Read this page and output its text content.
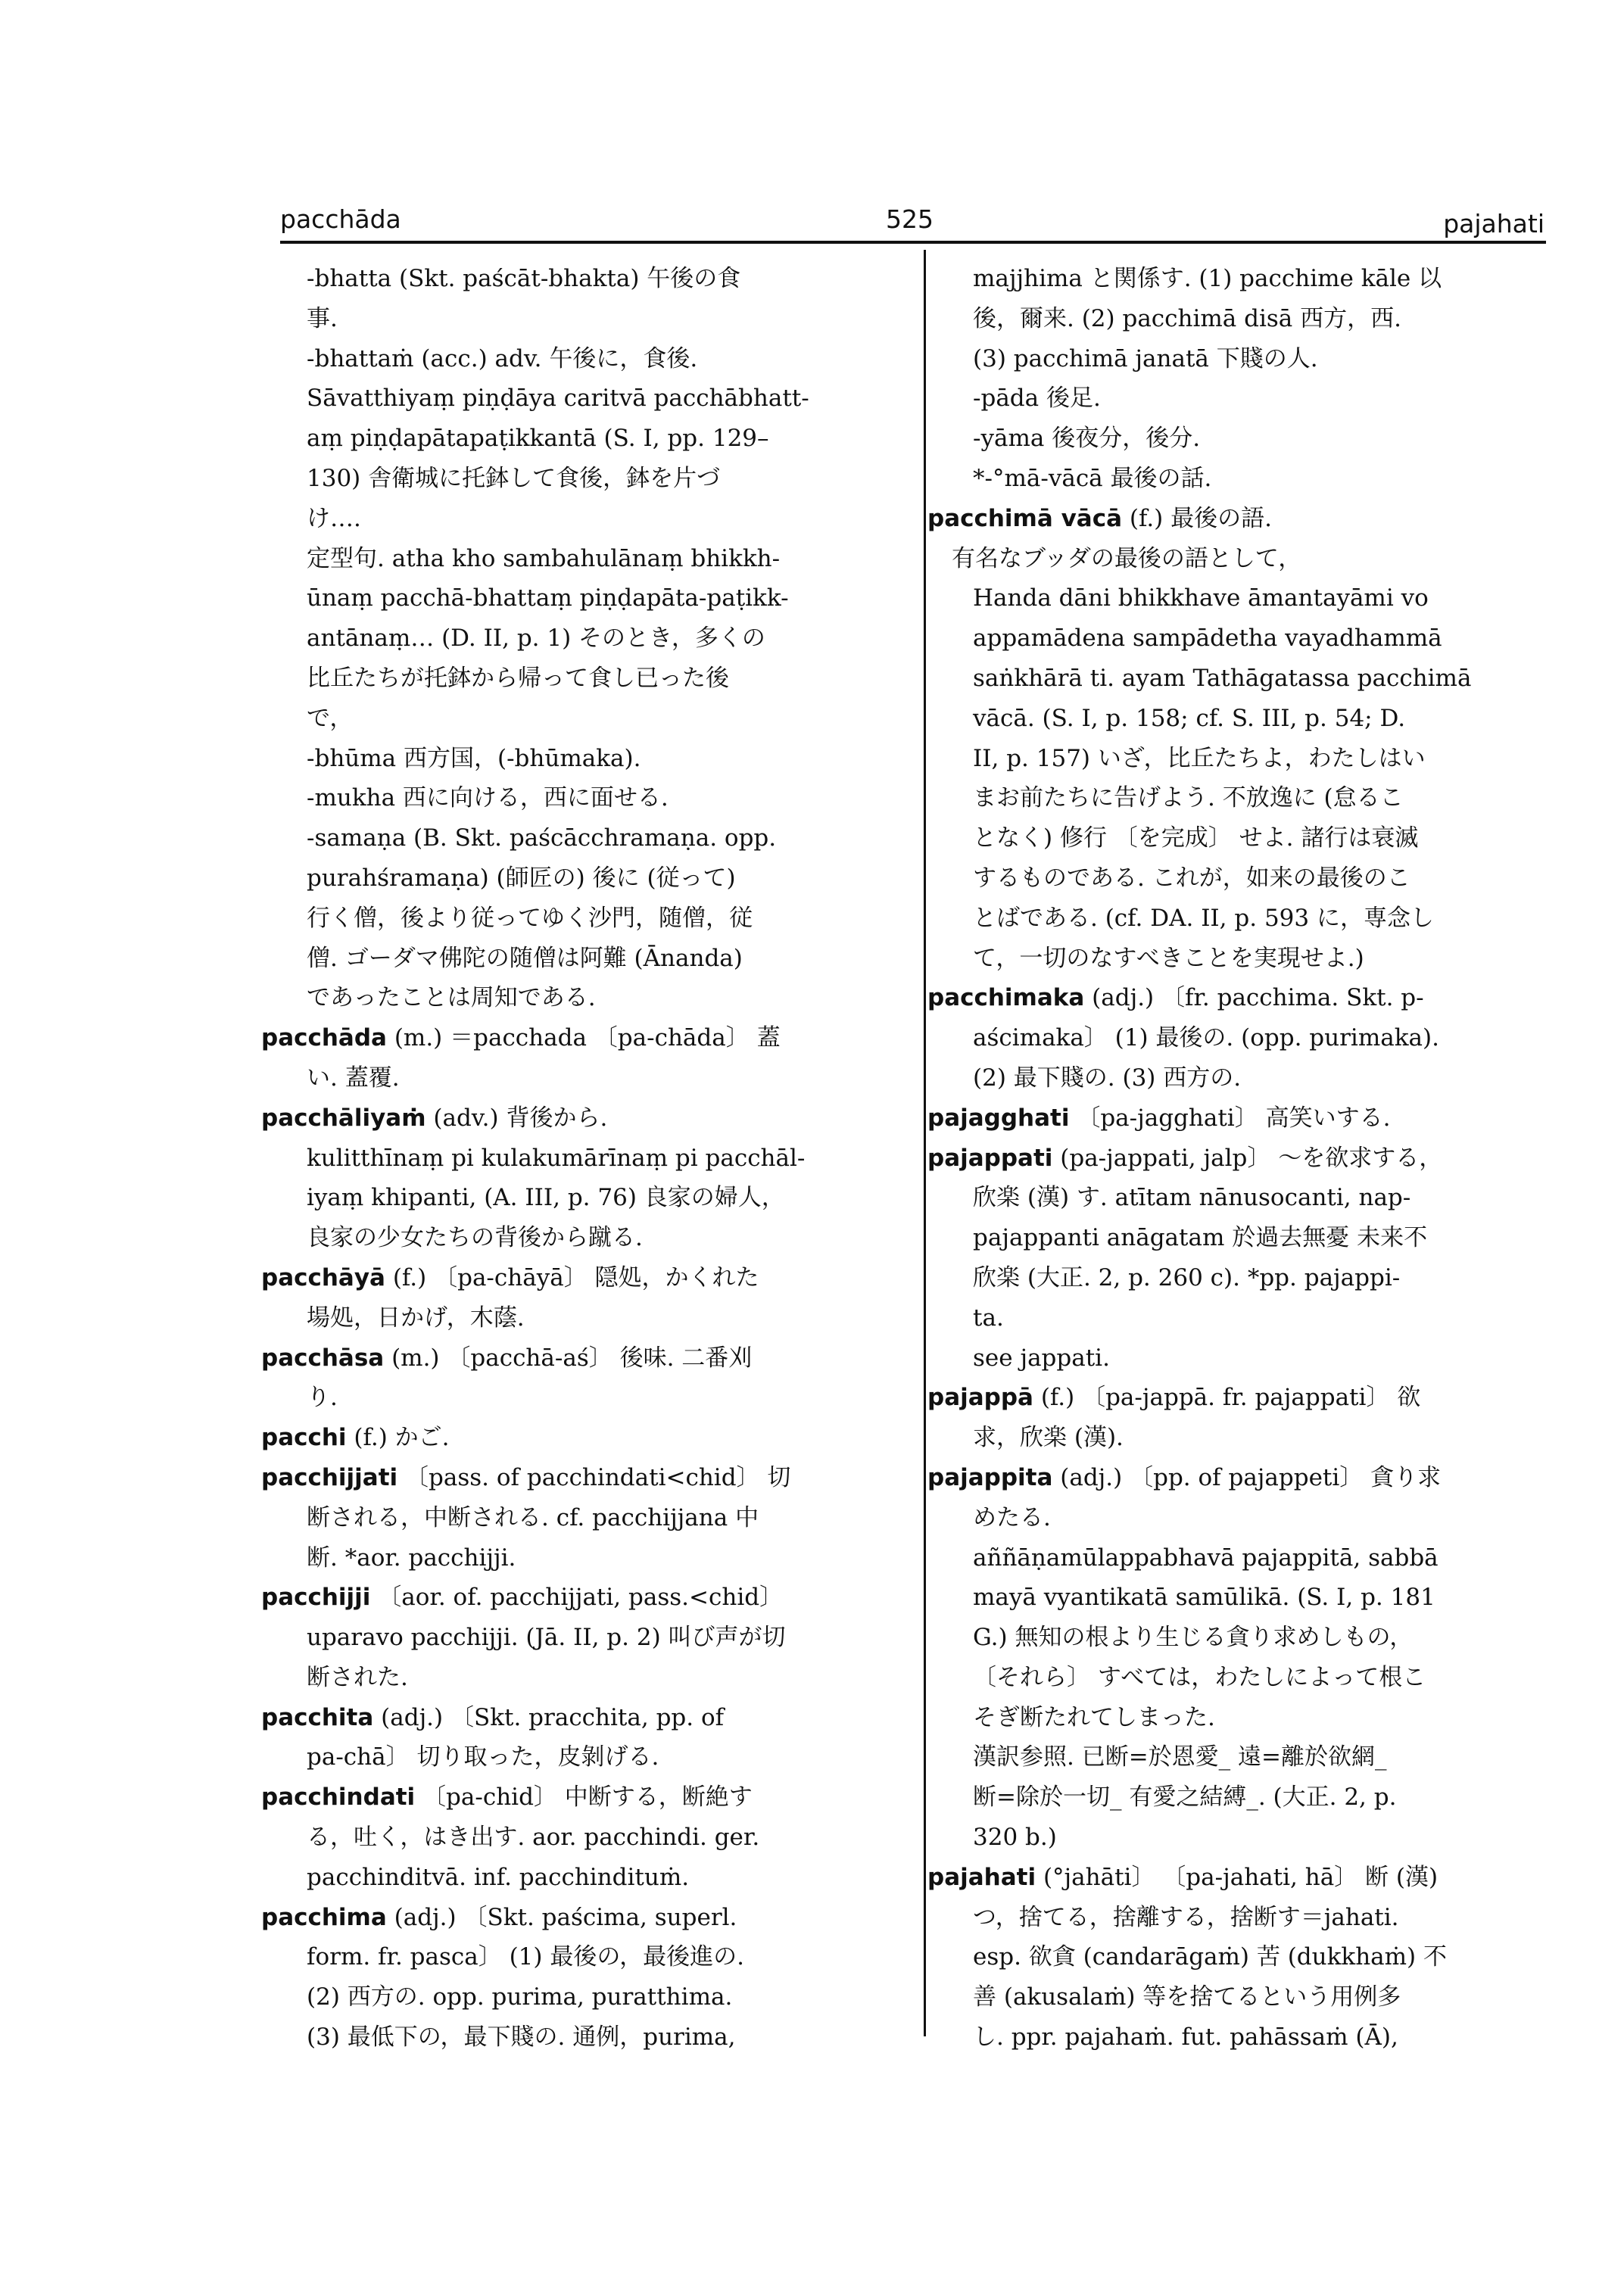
pacchāda	525	pajahati
-bhatta (Skt. paścāt-bhakta) 午後の食
事.
-bhattaṁ (acc.) adv. 午後に，食後.
Sāvatthiyaṃ piṇḍāya caritvā pacchābhatt-
aṃ piṇḍapātapaṭikkantā (S. I, pp. 129–
130) 舎衛城に托鉢して食後，鉢を片づ
け….
定型句. atha kho sambahulānaṃ bhikkh-
ūnaṃ pacchā-bhattaṃ piṇḍapāta-paṭikk-
antānaṃ… (D. II, p. 1) そのとき，多くの
比丘たちが托鉢から帰って食し已った後
で，
-bhūma 西方国，(-bhūmaka).
-mukha 西に向ける，西に面せる.
-samaṇa (B. Skt. paścācchramaṇa. opp.
purahśramaṇa) (師匠の) 後に (従って)
行く僧，後より従ってゆく沙門，随僧，従
僧. ゴーダマ佛陀の随僧は阿難 (Ānanda)
であったことは周知である.
pacchāda (m.) ＝pacchada 〔pa-chāda〕 蓋
い. 蓋覆.
pacchāliyaṁ (adv.) 背後から.
kulitthīnaṃ pi kulakumārīnaṃ pi pacchāl-
iyaṃ khipanti, (A. III, p. 76) 良家の婦人，
良家の少女たちの背後から蹴る.
pacchāyā (f.) 〔pa-chāyā〕 隠処，かくれた
場処，日かげ，木蔭.
pacchāsa (m.) 〔pacchā-aś〕 後味. 二番刈
り.
pacchi (f.) かご.
pacchijjati 〔pass. of pacchindati<chid〕 切
断される，中断される. cf. pacchijjana 中
断. *aor. pacchijji.
pacchijji 〔aor. of. pacchijjati, pass.<chid〕
uparavo pacchijji. (Jā. II, p. 2) 叫び声が切
断された.
pacchita (adj.) 〔Skt. pracchita, pp. of
pa-chā〕 切り取った，皮剝げる.
pacchindati 〔pa-chid〕 中断する，断絶す
る，吐く，はき出す. aor. pacchindi. ger.
pacchinditvā. inf. pacchindituṁ.
pacchima (adj.) 〔Skt. paścima, superl.
form. fr. pasca〕 (1) 最後の，最後進の.
(2) 西方の. opp. purima, puratthima.
(3) 最低下の，最下賤の. 通例，purima,
majjhima と関係す. (1) pacchime kāle 以
後，爾来. (2) pacchimā disā 西方，西.
(3) pacchimā janatā 下賤の人.
-pāda 後足.
-yāma 後夜分，後分.
*-°mā-vācā 最後の話.
pacchimā vācā (f.) 最後の語.
有名なブッダの最後の語として，
Handa dāni bhikkhave āmantayāmi vo
appamādena sampādetha vayadhammā
saṅkhārā ti. ayam Tathāgatassa pacchimā
vācā. (S. I, p. 158; cf. S. III, p. 54; D.
II, p. 157) いざ，比丘たちよ，わたしはい
まお前たちに告げよう. 不放逸に (怠るこ
となく) 修行 〔を完成〕 せよ. 諸行は衰滅
するものである. これが，如来の最後のこ
とばである. (cf. DA. II, p. 593 に，専念し
て，一切のなすべきことを実現せよ.)
pacchimaka (adj.) 〔fr. pacchima. Skt. p-
aścimaka〕 (1) 最後の. (opp. purimaka).
(2) 最下賤の. (3) 西方の.
pajagghati 〔pa-jagghati〕 高笑いする.
pajappati (pa-jappati, jalp〕 〜を欲求する，
欣楽 (漢) す. atītam nānusocanti, nap-
pajappanti anāgatam 於過去無憂 未来不
欣楽 (大正. 2, p. 260 c). *pp. pajappi-
ta.
see jappati.
pajappā (f.) 〔pa-jappā. fr. pajappati〕 欲
求，欣楽 (漢).
pajappita (adj.) 〔pp. of pajappeti〕 貪り求
めたる.
aññāṇamūlappabhavā pajappitā, sabbā
mayā vyantikatā samūlikā. (S. I, p. 181
G.) 無知の根より生じる貪り求めしもの，
〔それら〕 すべては，わたしによって根こ
そぎ断たれてしまった.
漢訳参照. 已断=於恩愛_ 遠=離於欲網_
断=除於一切_ 有愛之結縛_. (大正. 2, p.
320 b.)
pajahati (°jahāti〕 〔pa-jahati, hā〕 断 (漢)
つ，捨てる，捨離する，捨断す＝jahati.
esp. 欲貪 (candarāgaṁ) 苦 (dukkhaṁ) 不
善 (akusalaṁ) 等を捨てるという用例多
し. ppr. pajahaṁ. fut. pahāssaṁ (Ā),
